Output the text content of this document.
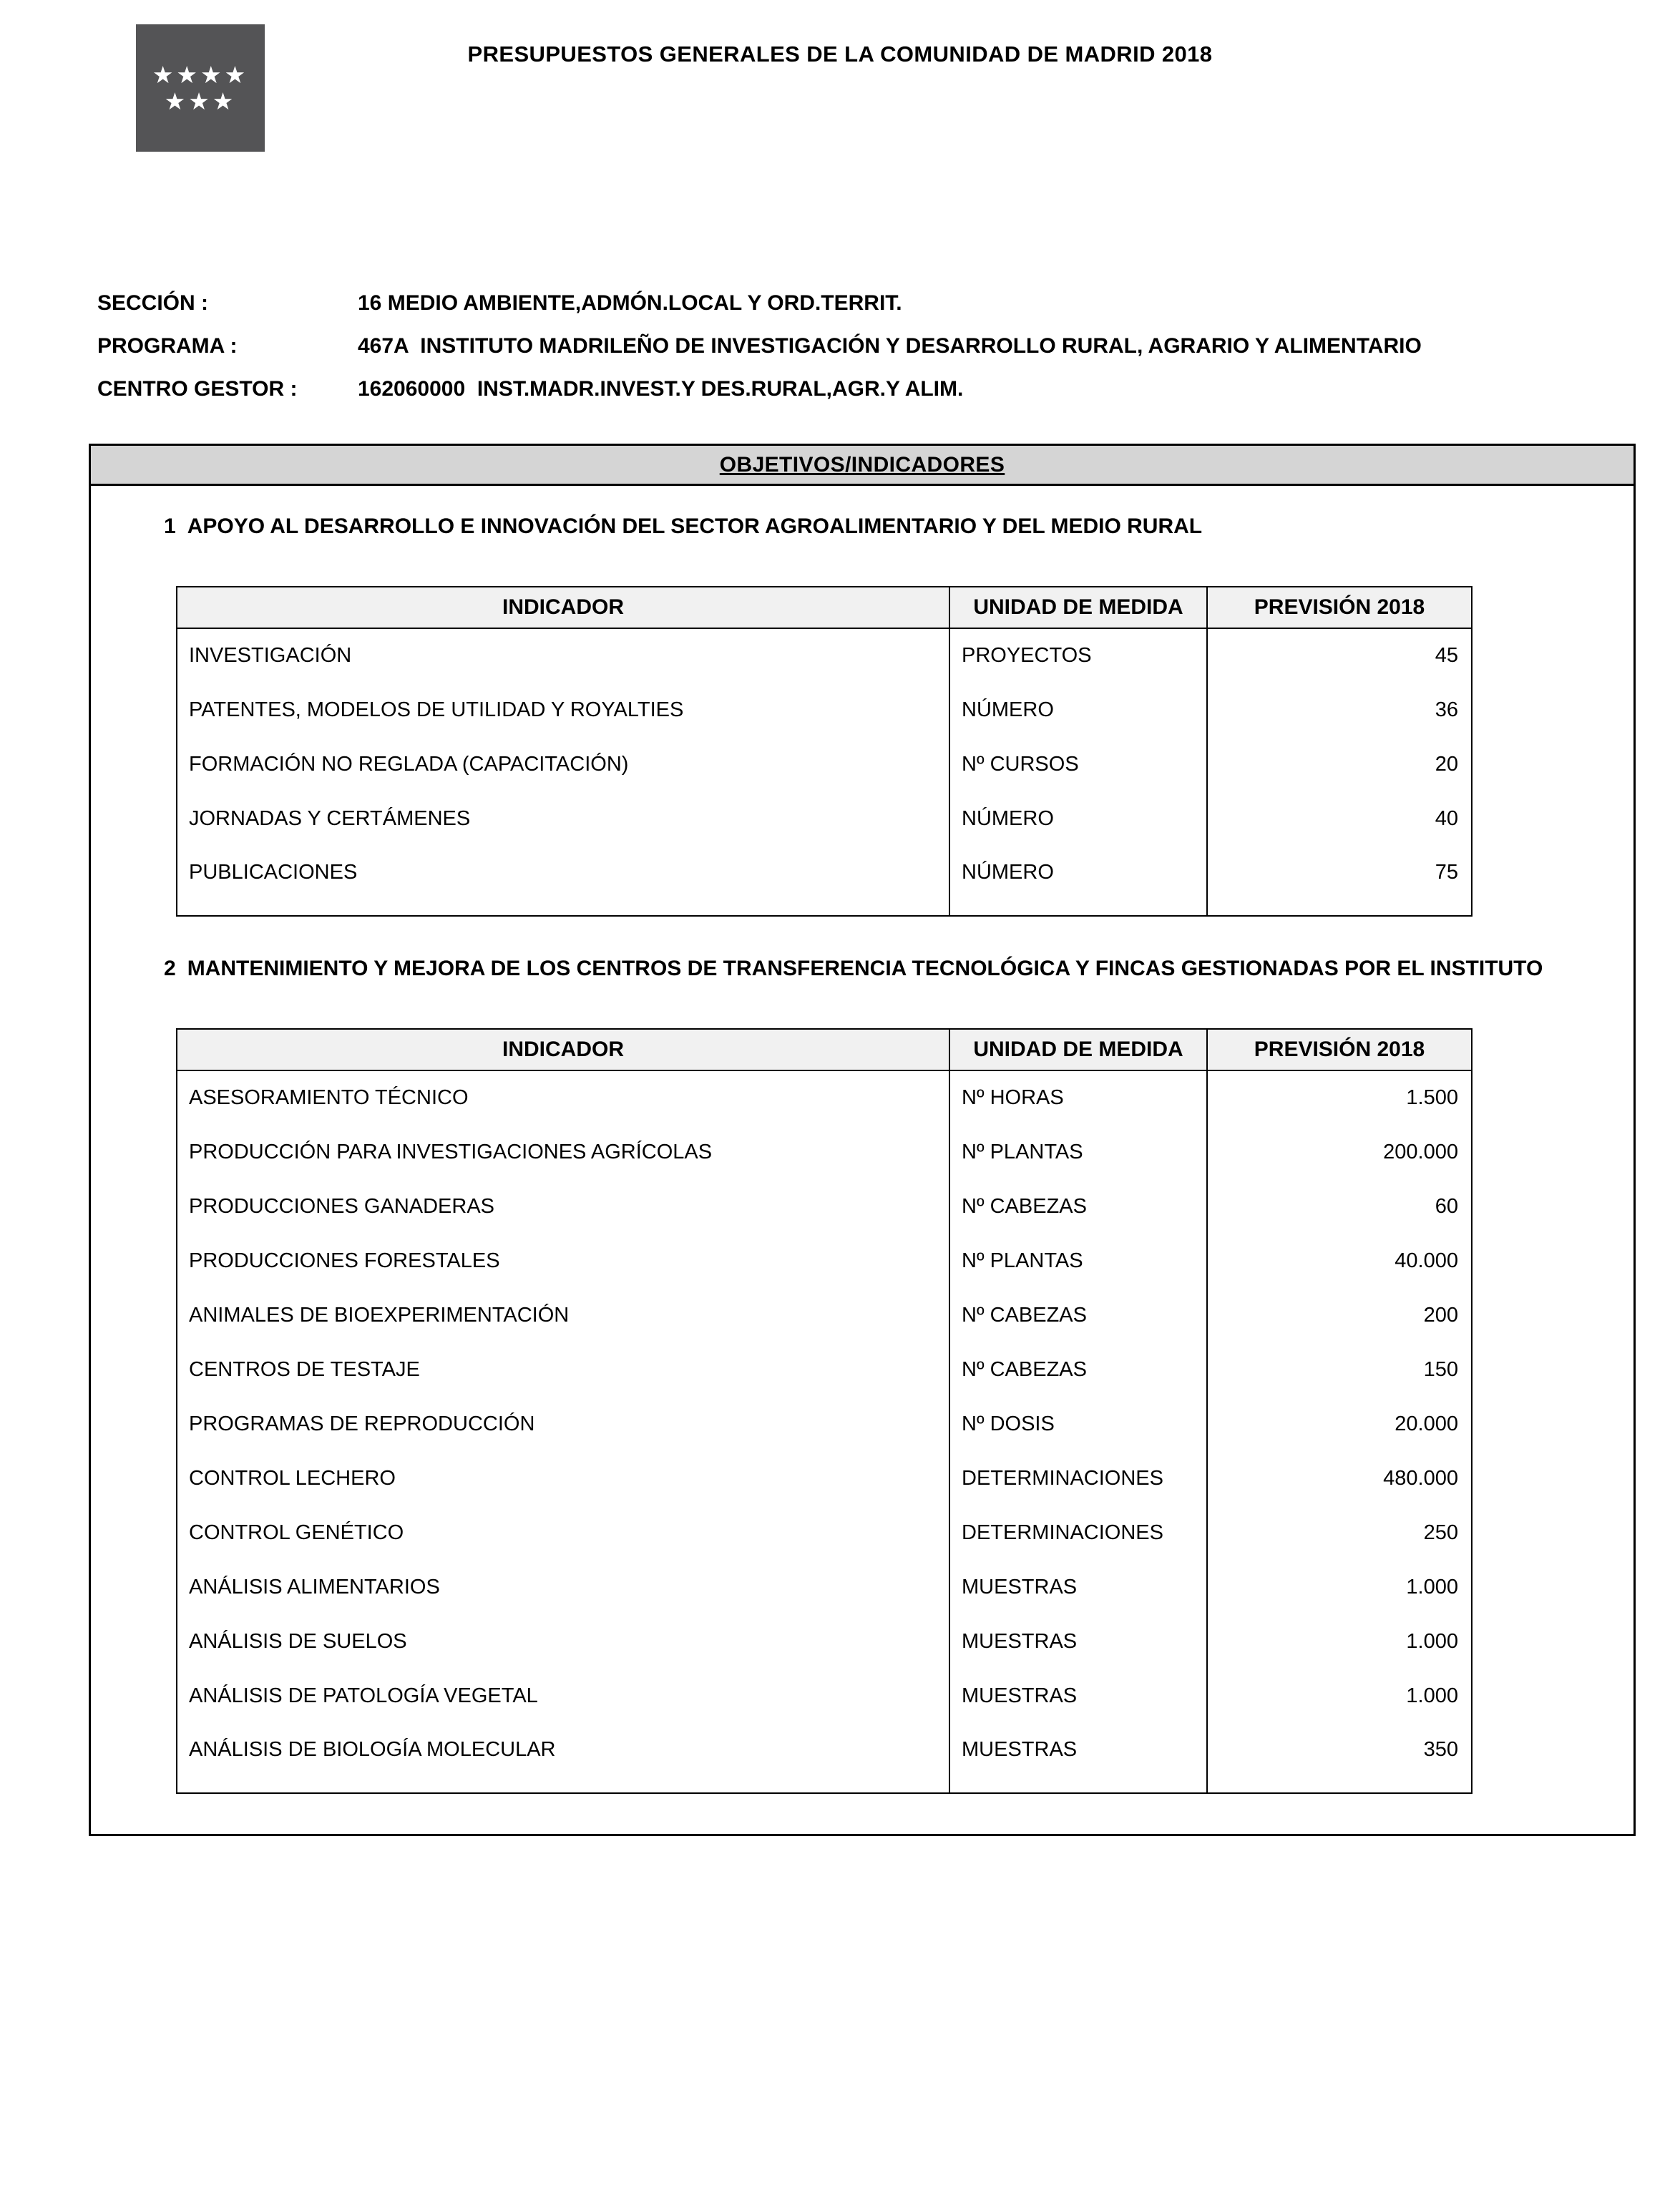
★★★★
★★★
PRESUPUESTOS GENERALES DE LA COMUNIDAD DE MADRID 2018
SECCIÓN :	16 MEDIO AMBIENTE,ADMÓN.LOCAL Y ORD.TERRIT.
PROGRAMA :	467A  INSTITUTO MADRILEÑO DE INVESTIGACIÓN Y DESARROLLO RURAL, AGRARIO Y ALIMENTARIO
CENTRO GESTOR :	162060000  INST.MADR.INVEST.Y DES.RURAL,AGR.Y ALIM.
OBJETIVOS/INDICADORES
1 APOYO AL DESARROLLO E INNOVACIÓN DEL SECTOR AGROALIMENTARIO Y DEL MEDIO RURAL
INDICADOR	UNIDAD DE MEDIDA	PREVISIÓN 2018
INVESTIGACIÓN	PROYECTOS	45
PATENTES, MODELOS DE UTILIDAD Y ROYALTIES	NÚMERO	36
FORMACIÓN NO REGLADA (CAPACITACIÓN)	Nº CURSOS	20
JORNADAS Y CERTÁMENES	NÚMERO	40
PUBLICACIONES	NÚMERO	75
2 MANTENIMIENTO Y MEJORA DE LOS CENTROS DE TRANSFERENCIA TECNOLÓGICA Y FINCAS GESTIONADAS POR EL INSTITUTO
INDICADOR	UNIDAD DE MEDIDA	PREVISIÓN 2018
ASESORAMIENTO TÉCNICO	Nº HORAS	1.500
PRODUCCIÓN PARA INVESTIGACIONES AGRÍCOLAS	Nº PLANTAS	200.000
PRODUCCIONES GANADERAS	Nº CABEZAS	60
PRODUCCIONES FORESTALES	Nº PLANTAS	40.000
ANIMALES DE BIOEXPERIMENTACIÓN	Nº CABEZAS	200
CENTROS DE TESTAJE	Nº CABEZAS	150
PROGRAMAS DE REPRODUCCIÓN	Nº DOSIS	20.000
CONTROL LECHERO	DETERMINACIONES	480.000
CONTROL GENÉTICO	DETERMINACIONES	250
ANÁLISIS ALIMENTARIOS	MUESTRAS	1.000
ANÁLISIS DE SUELOS	MUESTRAS	1.000
ANÁLISIS DE PATOLOGÍA VEGETAL	MUESTRAS	1.000
ANÁLISIS DE BIOLOGÍA MOLECULAR	MUESTRAS	350
